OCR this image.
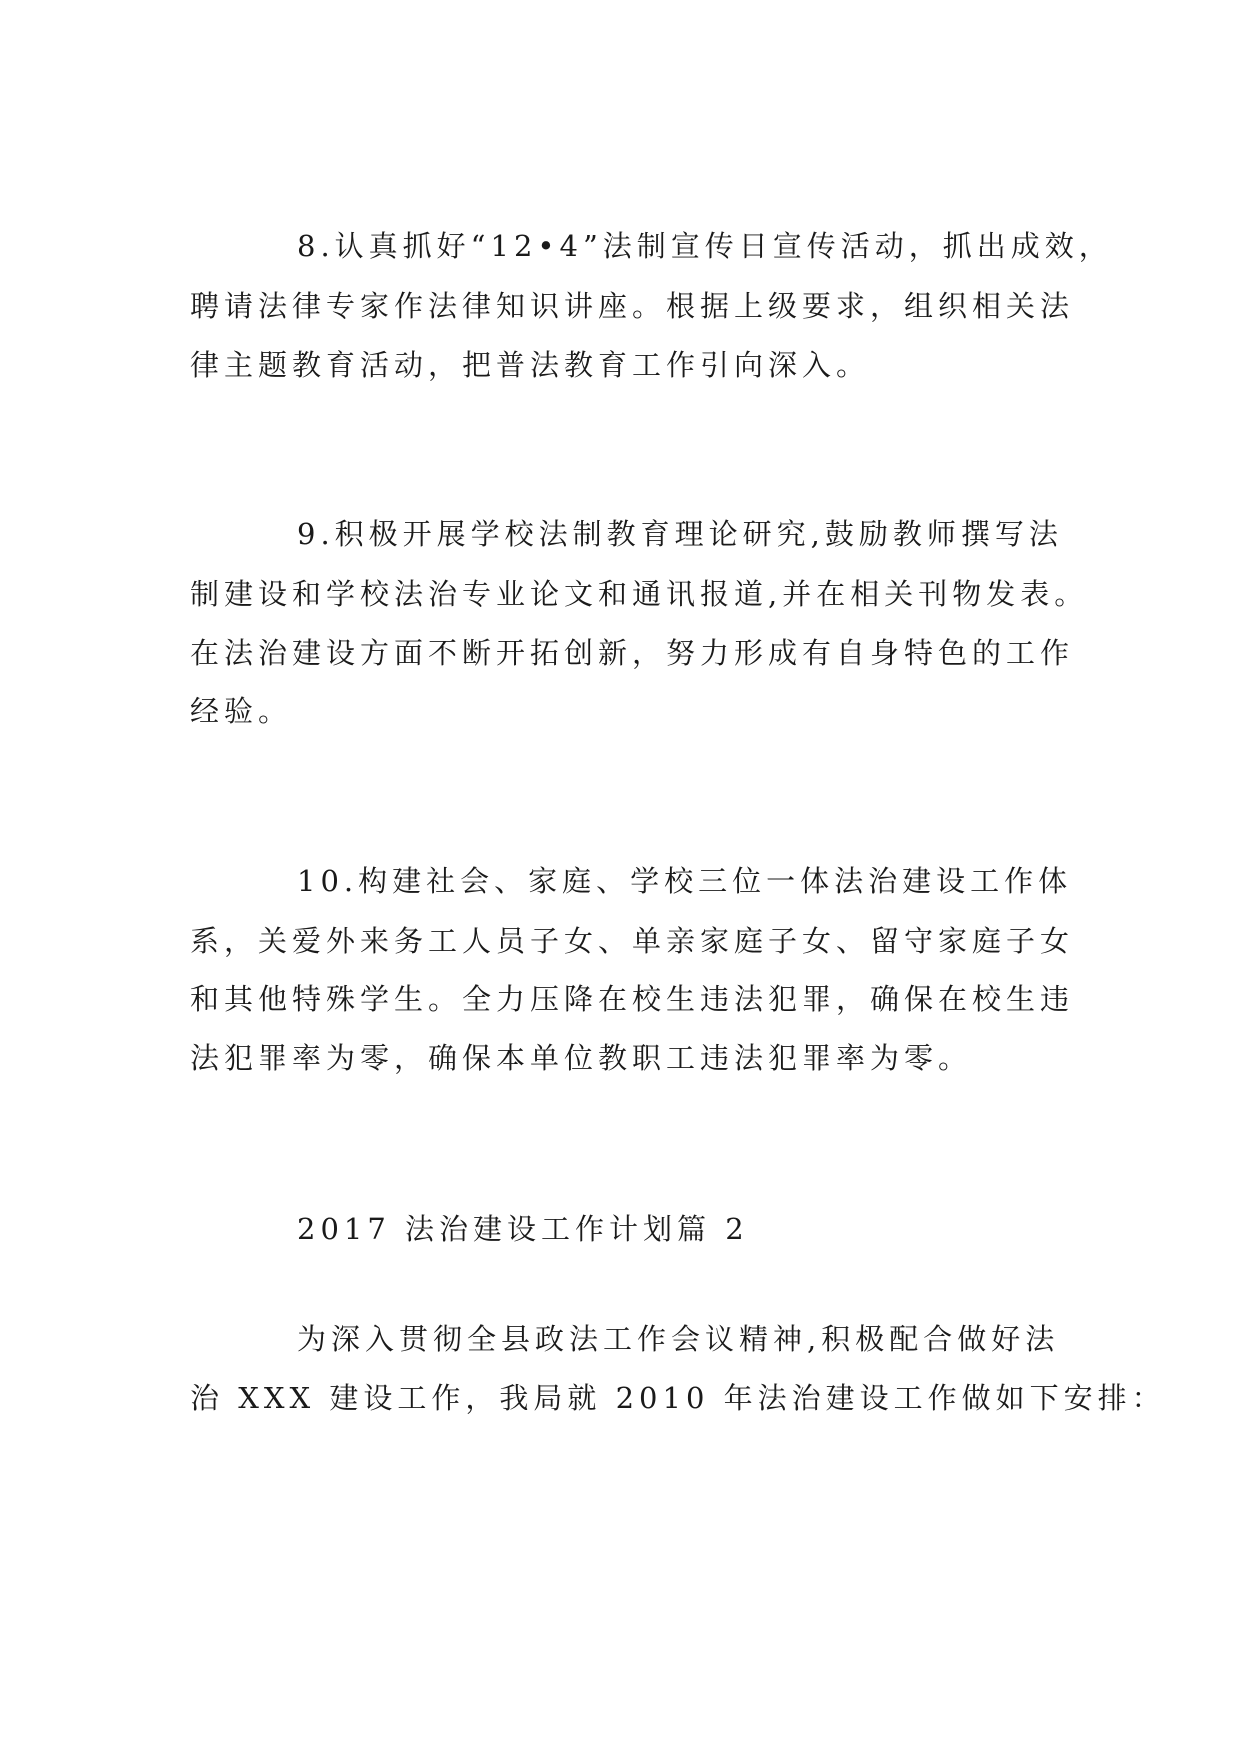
8.认真抓好“12•4”法制宣传日宣传活动，抓出成效，
聘请法律专家作法律知识讲座。根据上级要求，组织相关法
律主题教育活动，把普法教育工作引向深入。
9.积极开展学校法制教育理论研究,鼓励教师撰写法
制建设和学校法治专业论文和通讯报道,并在相关刊物发表。
在法治建设方面不断开拓创新，努力形成有自身特色的工作
经验。
10.构建社会、家庭、学校三位一体法治建设工作体
系，关爱外来务工人员子女、单亲家庭子女、留守家庭子女
和其他特殊学生。全力压降在校生违法犯罪，确保在校生违
法犯罪率为零，确保本单位教职工违法犯罪率为零。
2017 法治建设工作计划篇 2
为深入贯彻全县政法工作会议精神,积极配合做好法
治 XXX 建设工作，我局就 2010 年法治建设工作做如下安排：
